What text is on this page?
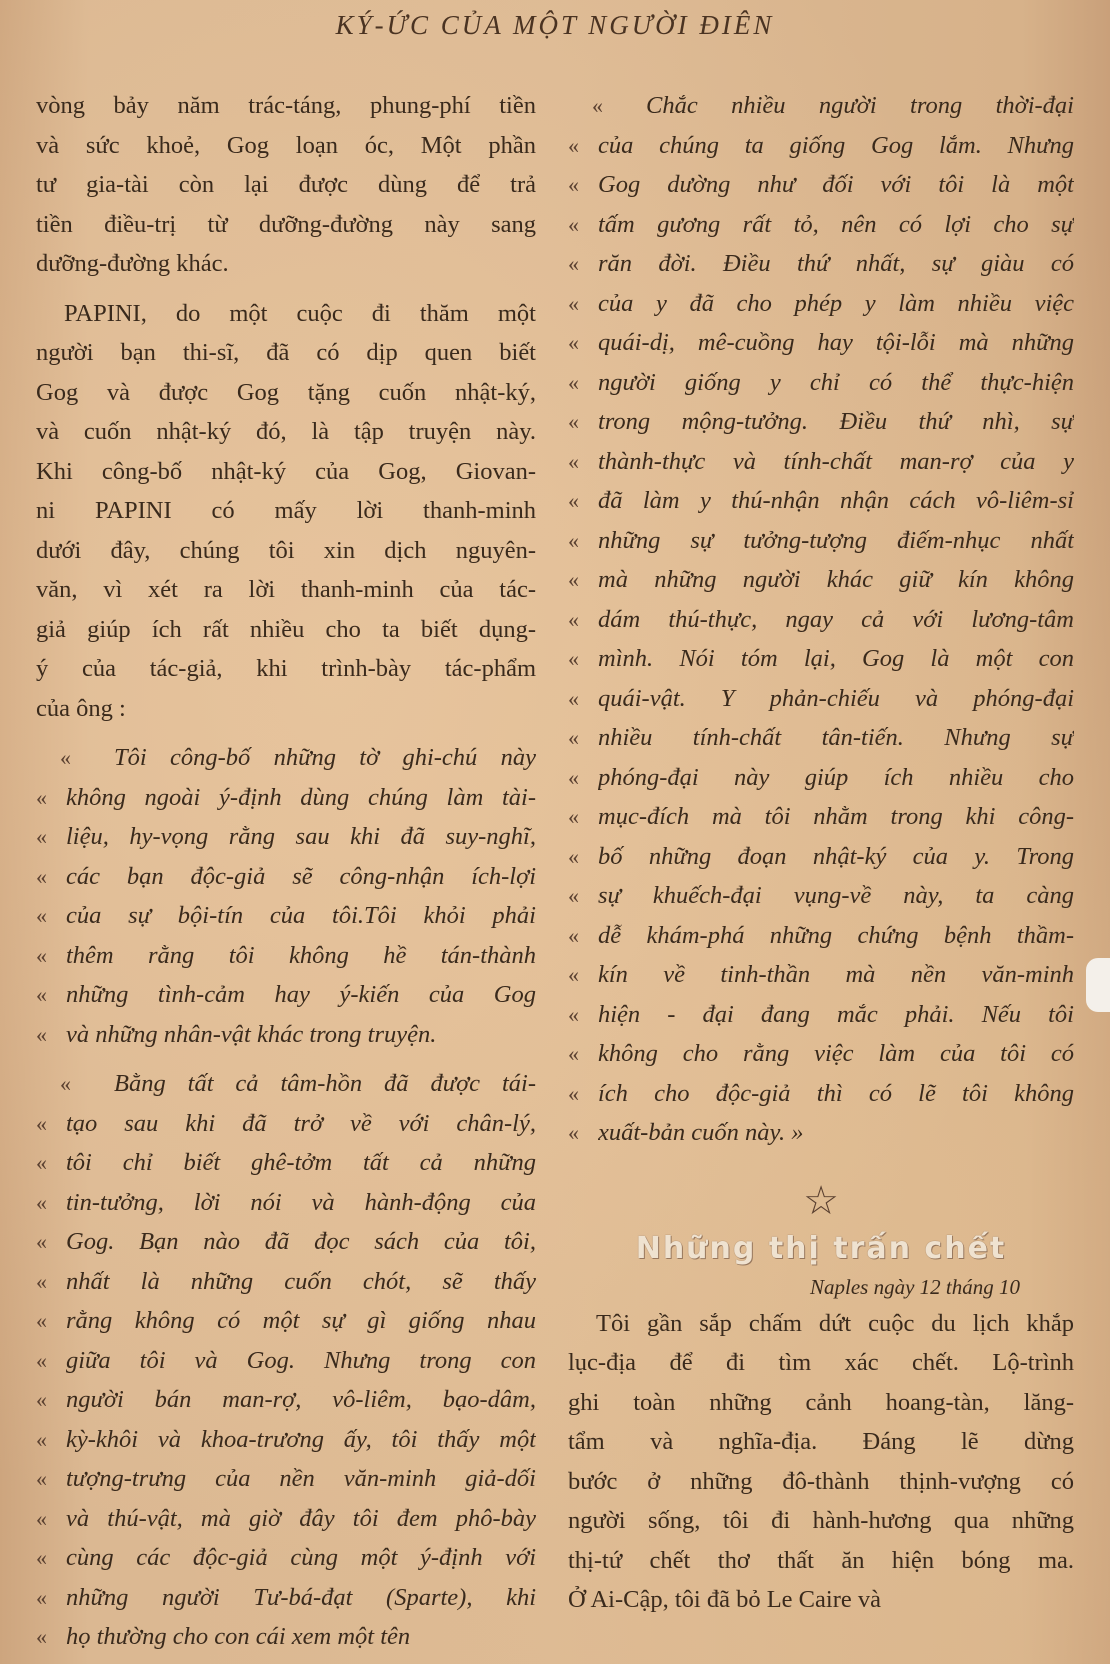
KÝ-ỨC CỦA MỘT NGƯỜI ĐIÊN
vòng bảy năm trác-táng, phung-phí tiền
và sức khoẻ, Gog loạn óc, Một phần
tư gia-tài còn lại được dùng để trả
tiền điều-trị từ dưỡng-đường này sang
dưỡng-đường khác.
PAPINI, do một cuộc đi thăm một
người bạn thi-sĩ, đã có dịp quen biết
Gog và được Gog tặng cuốn nhật-ký,
và cuốn nhật-ký đó, là tập truyện này.
Khi công-bố nhật-ký của Gog, Giovan-
ni PAPINI có mấy lời thanh-minh
dưới đây, chúng tôi xin dịch nguyên-
văn, vì xét ra lời thanh-minh của tác-
giả giúp ích rất nhiều cho ta biết dụng-
ý của tác-giả, khi trình-bày tác-phẩm
của ông :
«	Tôi công-bố những tờ ghi-chú này
« không ngoài ý-định dùng chúng làm tài-
« liệu, hy-vọng rằng sau khi đã suy-nghĩ,
« các bạn độc-giả sẽ công-nhận ích-lợi
« của sự bội-tín của tôi.Tôi khỏi phải
« thêm rằng tôi không hề tán-thành
« những tình-cảm hay ý-kiến của Gog
« và những nhân-vật khác trong truyện.
«	Bằng tất cả tâm-hồn đã được tái-
« tạo sau khi đã trở về với chân-lý,
« tôi chỉ biết ghê-tởm tất cả những
« tin-tưởng, lời nói và hành-động của
« Gog. Bạn nào đã đọc sách của tôi,
« nhất là những cuốn chót, sẽ thấy
« rằng không có một sự gì giống nhau
« giữa tôi và Gog. Nhưng trong con
« người bán man-rợ, vô-liêm, bạo-dâm,
« kỳ-khôi và khoa-trương ấy, tôi thấy một
« tượng-trưng của nền văn-minh giả-dối
« và thú-vật, mà giờ đây tôi đem phô-bày
« cùng các độc-giả cùng một ý-định với
« những người Tư-bá-đạt (Sparte), khi
« họ thường cho con cái xem một tên
«	Chắc nhiều người trong thời-đại
« của chúng ta giống Gog lắm. Nhưng
« Gog dường như đối với tôi là một
« tấm gương rất tỏ, nên có lợi cho sự
« răn đời. Điều thứ nhất, sự giàu có
« của y đã cho phép y làm nhiều việc
« quái-dị, mê-cuồng hay tội-lỗi mà những
« người giống y chỉ có thể thực-hiện
« trong mộng-tưởng. Điều thứ nhì, sự
« thành-thực và tính-chất man-rợ của y
« đã làm y thú-nhận nhận cách vô-liêm-sỉ
« những sự tưởng-tượng điếm-nhục nhất
« mà những người khác giữ kín không
« dám thú-thực, ngay cả với lương-tâm
« mình. Nói tóm lại, Gog là một con
« quái-vật. Y phản-chiếu và phóng-đại
« nhiều tính-chất tân-tiến. Nhưng sự
« phóng-đại này giúp ích nhiều cho
« mục-đích mà tôi nhằm trong khi công-
« bố những đoạn nhật-ký của y. Trong
« sự khuếch-đại vụng-về này, ta càng
« dễ khám-phá những chứng bệnh thầm-
« kín về tinh-thần mà nền văn-minh
« hiện - đại đang mắc phải. Nếu tôi
« không cho rằng việc làm của tôi có
« ích cho độc-giả thì có lẽ tôi không
« xuất-bản cuốn này. »
☆
Những thị trấn chết
Naples ngày 12 tháng 10
Tôi gần sắp chấm dứt cuộc du lịch khắp
lục-địa để đi tìm xác chết. Lộ-trình
ghi toàn những cảnh hoang-tàn, lăng-
tẩm và nghĩa-địa. Đáng lẽ dừng
bước ở những đô-thành thịnh-vượng có
người sống, tôi đi hành-hương qua những
thị-tứ chết thơ thất ăn hiện bóng ma.
Ở Ai-Cập, tôi đã bỏ Le Caire và
